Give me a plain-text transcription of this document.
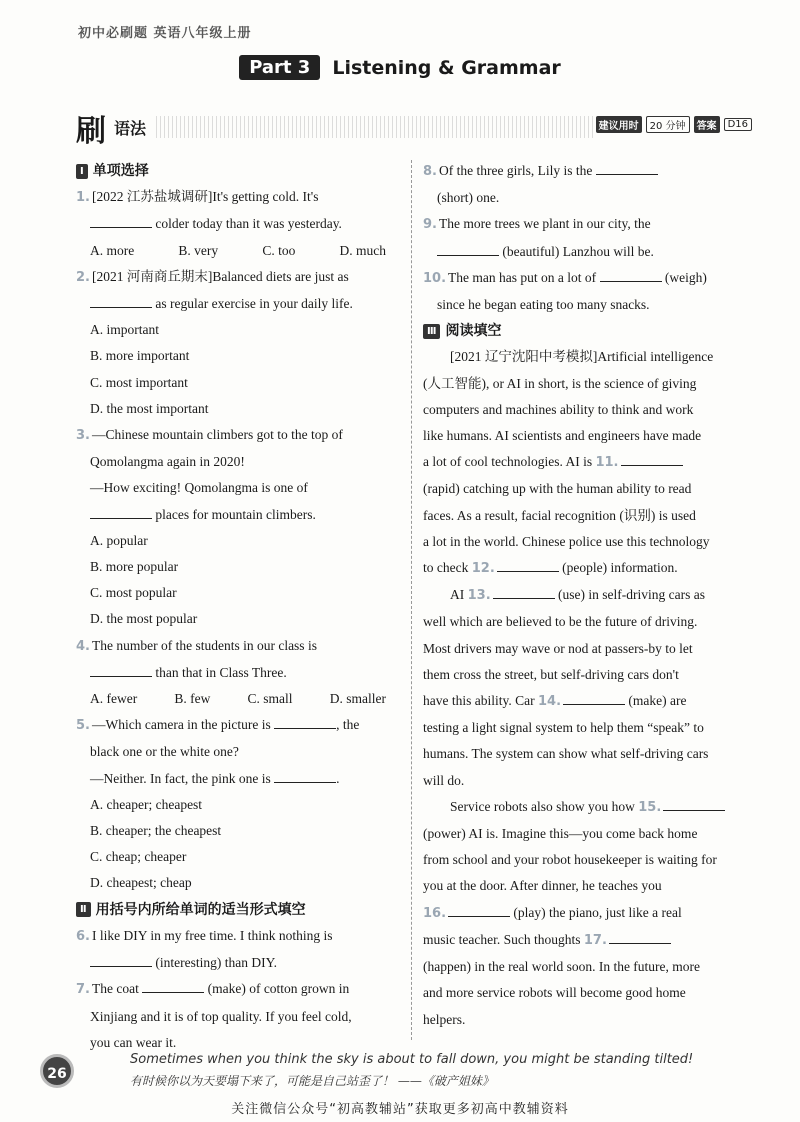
初中必刷题 英语八年级上册
Part 3 Listening & Grammar
刷 语法	建议用时	20 分钟	答案	D16
Ⅰ 单项选择

1. [2022 江苏盐城调研]It's getting cold. It's

colder today than it was yesterday.

A. more	B. very	C. too	D. much

2. [2021 河南商丘期末]Balanced diets are just as

as regular exercise in your daily life.

A. important

B. more important

C. most important

D. the most important

3. —Chinese mountain climbers got to the top of

Qomolangma again in 2020!

—How exciting! Qomolangma is one of

places for mountain climbers.

A. popular

B. more popular

C. most popular

D. the most popular

4. The number of the students in our class is

than that in Class Three.

A. fewer	B. few	C. small	D. smaller

5. —Which camera in the picture is	, the

black one or the white one?

—Neither. In fact, the pink one is	.

A. cheaper; cheapest

B. cheaper; the cheapest

C. cheap; cheaper

D. cheapest; cheap

Ⅱ 用括号内所给单词的适当形式填空

6. I like DIY in my free time. I think nothing is

(interesting) than DIY.

7. The coat	(make) of cotton grown in

Xinjiang and it is of top quality. If you feel cold,

you can wear it.

8. Of the three girls, Lily is the

(short) one.

9. The more trees we plant in our city, the

(beautiful) Lanzhou will be.

10. The man has put on a lot of	(weigh)

since he began eating too many snacks.

Ⅲ 阅读填空

[2021 辽宁沈阳中考模拟]Artificial intelligence

(人工智能), or AI in short, is the science of giving

computers and machines ability to think and work

like humans. AI scientists and engineers have made

a lot of cool technologies. AI is 11.

(rapid) catching up with the human ability to read

faces. As a result, facial recognition (识别) is used

a lot in the world. Chinese police use this technology

to check 12.	(people) information.

AI 13.	(use) in self-driving cars as

well which are believed to be the future of driving.

Most drivers may wave or nod at passers-by to let

them cross the street, but self-driving cars don't

have this ability. Car 14.	(make) are

testing a light signal system to help them “speak” to

humans. The system can show what self-driving cars

will do.

Service robots also show you how 15.

(power) AI is. Imagine this—you come back home

from school and your robot housekeeper is waiting for

you at the door. After dinner, he teaches you

16.	(play) the piano, just like a real

music teacher. Such thoughts 17.

(happen) in the real world soon. In the future, more

and more service robots will become good home

helpers.

26
Sometimes when you think the sky is about to fall down, you might be standing tilted!
有时候你以为天要塌下来了，可能是自己站歪了！ ——《破产姐妹》
关注微信公众号“初高教辅站”获取更多初高中教辅资料
